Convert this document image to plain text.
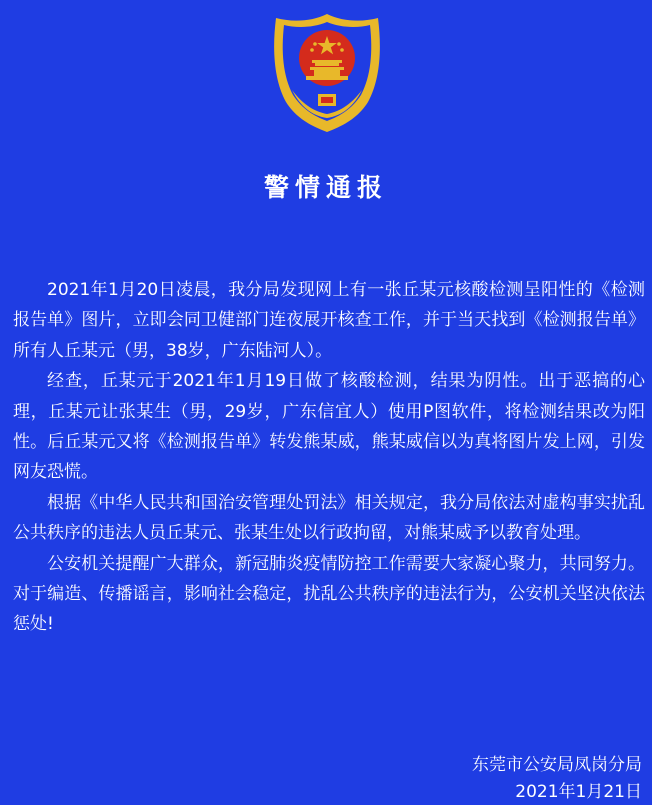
警情通报

2021年1月20日凌晨，我分局发现网上有一张丘某元核酸检测呈阳性的《检测报告单》图片，立即会同卫健部门连夜展开核查工作，并于当天找到《检测报告单》所有人丘某元（男，38岁，广东陆河人）。

经查，丘某元于2021年1月19日做了核酸检测，结果为阴性。出于恶搞的心理，丘某元让张某生（男，29岁，广东信宜人）使用P图软件，将检测结果改为阳性。后丘某元又将《检测报告单》转发熊某威，熊某威信以为真将图片发上网，引发网友恐慌。

根据《中华人民共和国治安管理处罚法》相关规定，我分局依法对虚构事实扰乱公共秩序的违法人员丘某元、张某生处以行政拘留，对熊某威予以教育处理。

公安机关提醒广大群众，新冠肺炎疫情防控工作需要大家凝心聚力，共同努力。对于编造、传播谣言，影响社会稳定，扰乱公共秩序的违法行为，公安机关坚决依法惩处!

东莞市公安局凤岗分局
2021年1月21日
